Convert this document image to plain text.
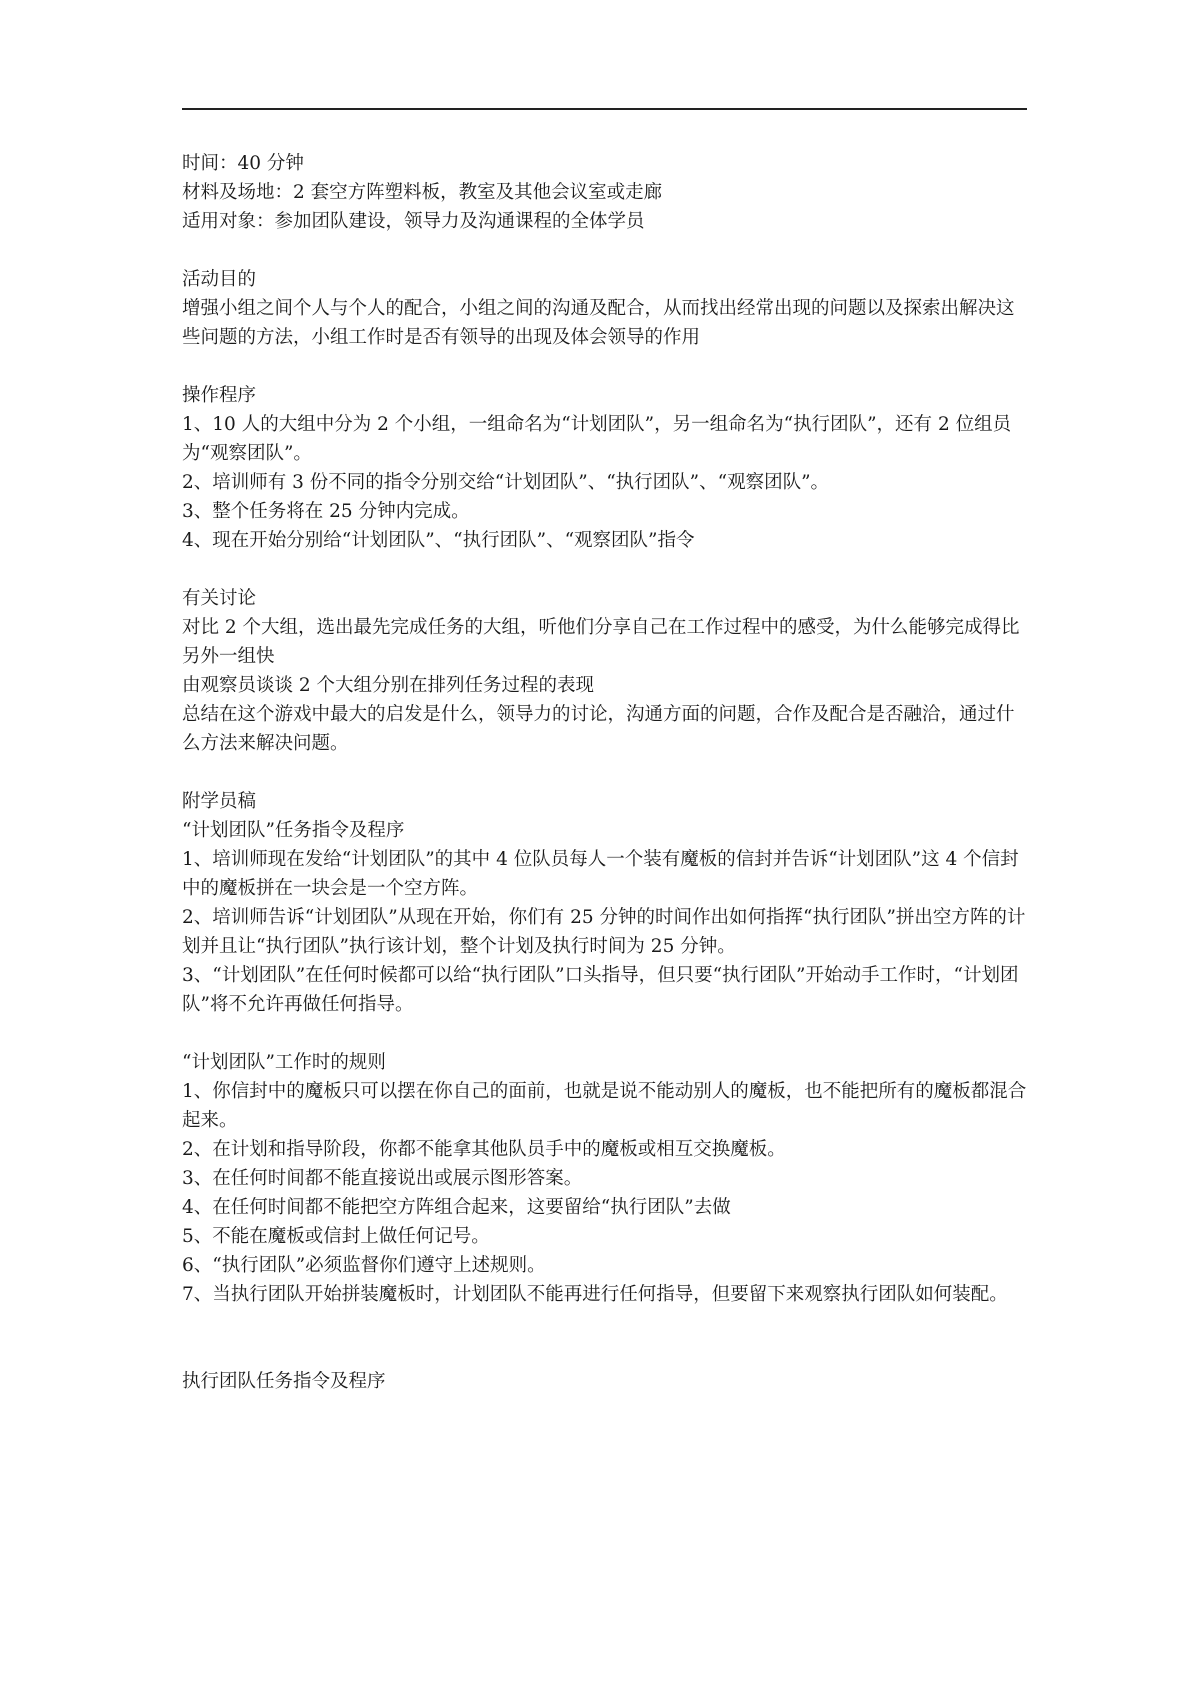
时间：40 分钟

材料及场地：2 套空方阵塑料板，教室及其他会议室或走廊

适用对象：参加团队建设，领导力及沟通课程的全体学员

活动目的

增强小组之间个人与个人的配合，小组之间的沟通及配合，从而找出经常出现的问题以及探索出解决这些问题的方法，小组工作时是否有领导的出现及体会领导的作用

操作程序

1、10 人的大组中分为 2 个小组，一组命名为“计划团队”，另一组命名为“执行团队”，还有 2 位组员为“观察团队”。

2、培训师有 3 份不同的指令分别交给“计划团队”、“执行团队”、“观察团队”。

3、整个任务将在 25 分钟内完成。

4、现在开始分别给“计划团队”、“执行团队”、“观察团队”指令

有关讨论

对比 2 个大组，选出最先完成任务的大组，听他们分享自己在工作过程中的感受，为什么能够完成得比另外一组快

由观察员谈谈 2 个大组分别在排列任务过程的表现

总结在这个游戏中最大的启发是什么，领导力的讨论，沟通方面的问题，合作及配合是否融洽，通过什么方法来解决问题。

附学员稿

“计划团队”任务指令及程序

1、培训师现在发给“计划团队”的其中 4 位队员每人一个装有魔板的信封并告诉“计划团队”这 4 个信封中的魔板拼在一块会是一个空方阵。

2、培训师告诉“计划团队”从现在开始，你们有 25 分钟的时间作出如何指挥“执行团队”拼出空方阵的计划并且让“执行团队”执行该计划，整个计划及执行时间为 25 分钟。

3、“计划团队”在任何时候都可以给“执行团队”口头指导，但只要“执行团队”开始动手工作时，“计划团队”将不允许再做任何指导。

“计划团队”工作时的规则

1、你信封中的魔板只可以摆在你自己的面前，也就是说不能动别人的魔板，也不能把所有的魔板都混合起来。

2、在计划和指导阶段，你都不能拿其他队员手中的魔板或相互交换魔板。

3、在任何时间都不能直接说出或展示图形答案。

4、在任何时间都不能把空方阵组合起来，这要留给“执行团队”去做

5、不能在魔板或信封上做任何记号。

6、“执行团队”必须监督你们遵守上述规则。

7、当执行团队开始拼装魔板时，计划团队不能再进行任何指导，但要留下来观察执行团队如何装配。

执行团队任务指令及程序
